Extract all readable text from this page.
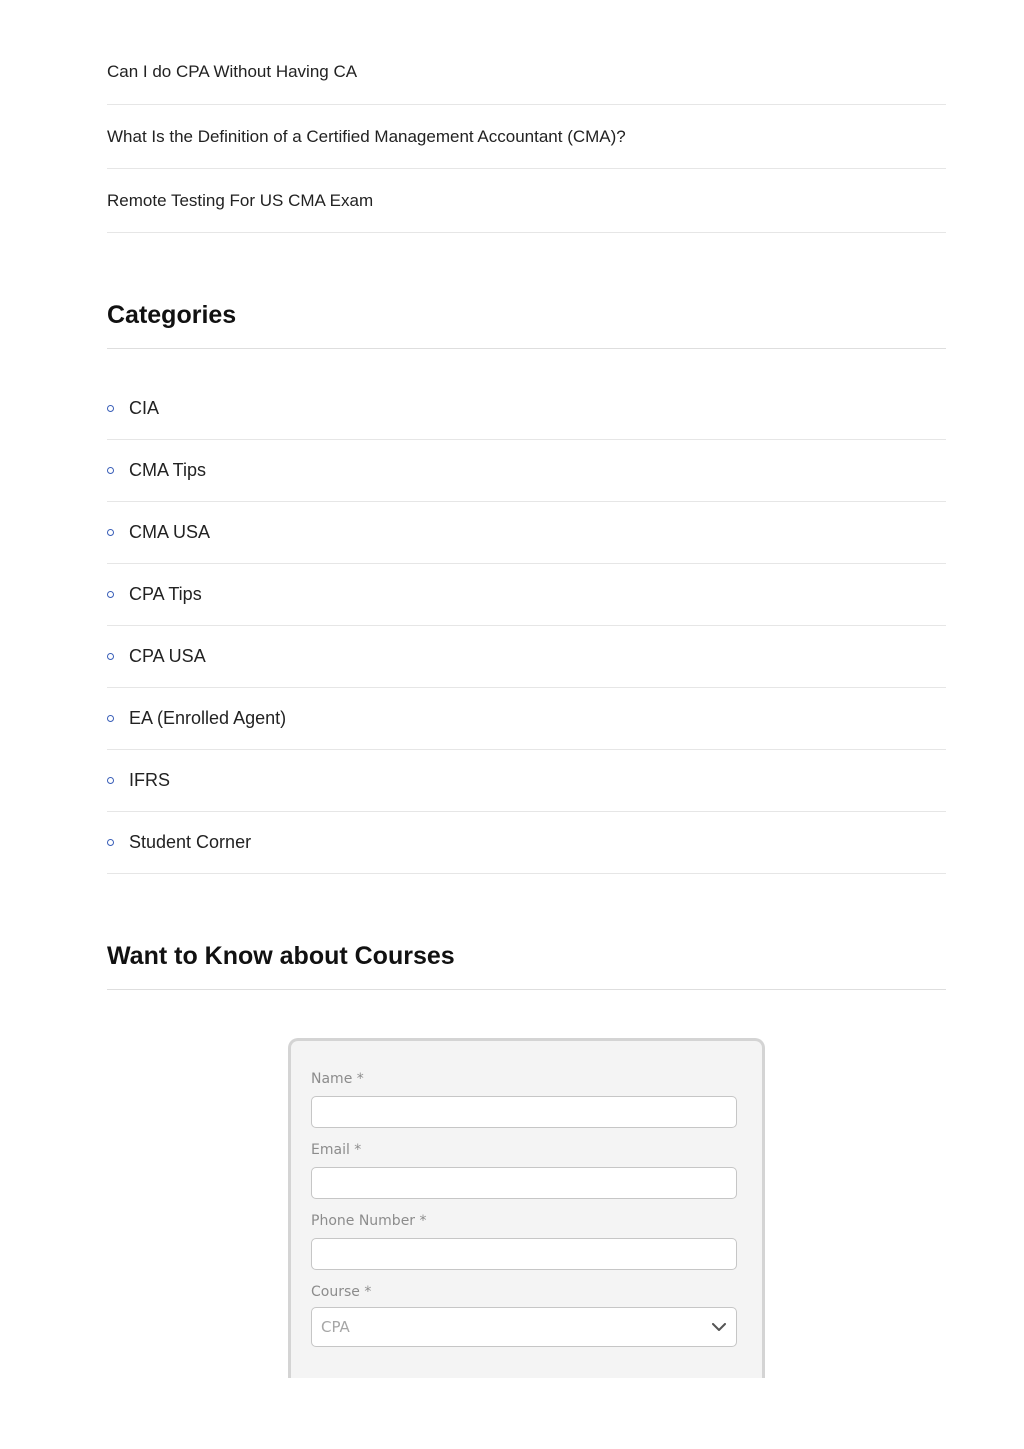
Can I do CPA Without Having CA
What Is the Definition of a Certified Management Accountant (CMA)?
Remote Testing For US CMA Exam
Categories
CIA
CMA Tips
CMA USA
CPA Tips
CPA USA
EA (Enrolled Agent)
IFRS
Student Corner
Want to Know about Courses
Name *
Email *
Phone Number *
Course *
CPA
